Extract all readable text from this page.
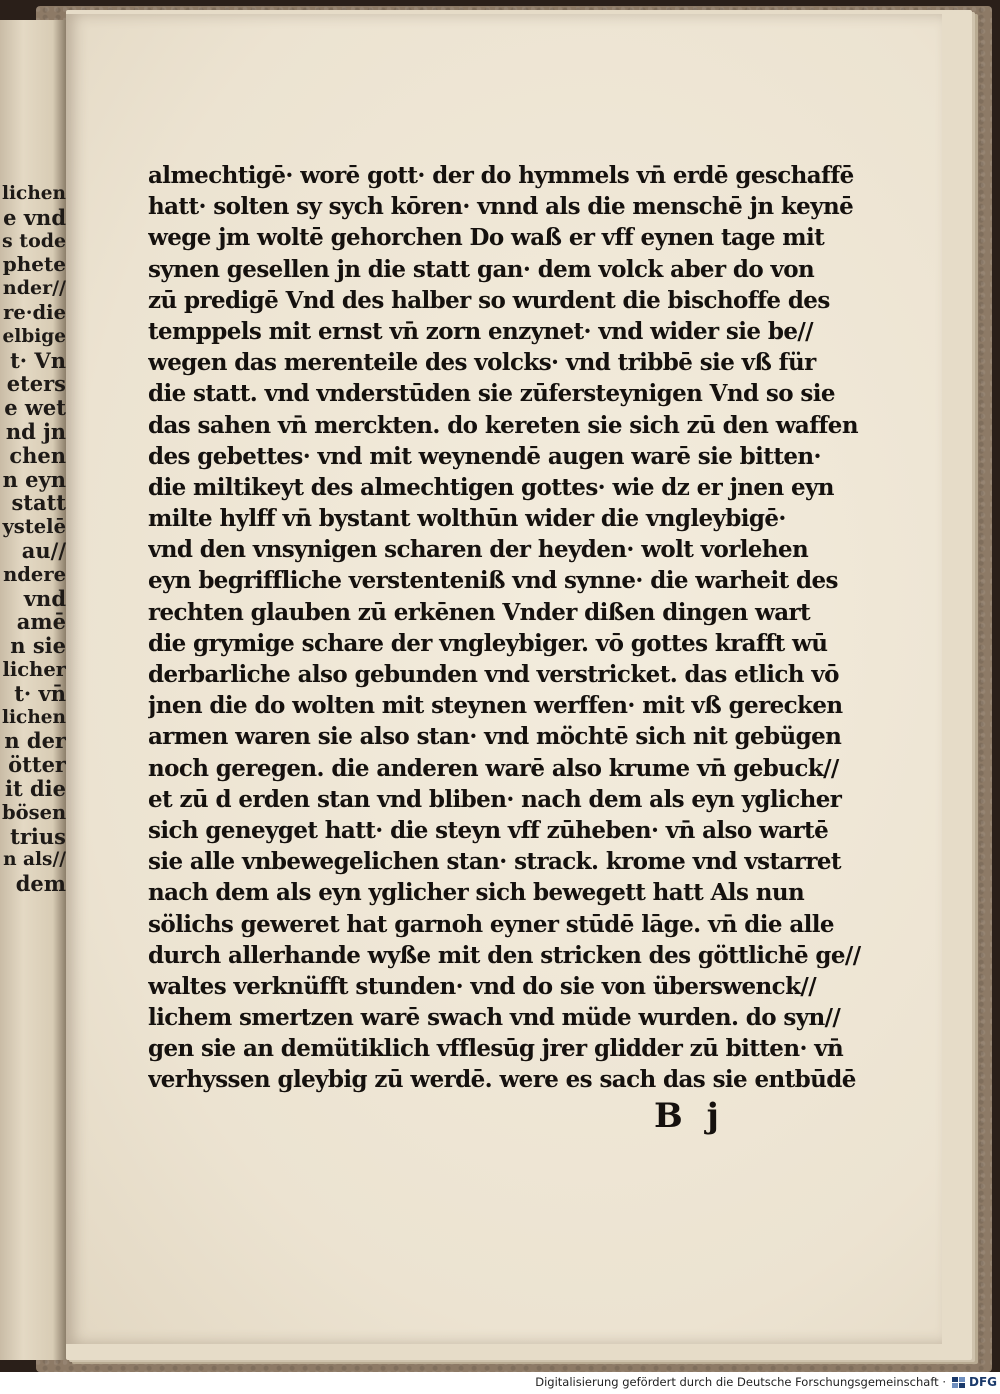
lichen
e vnd
s tode
phete
nder//
re·die
elbige
t· Vn
eters
e wet
nd jn
chen
n eyn
statt
ystelē
au//
ndere
vnd
amē
n sie
licher
t· vn̄
lichen
n der
ötter
it die
bösen
trius
n als//
dem
almechtigē· worē gott· der do hymmels vn̄ erdē geschaffē
hatt· solten sy sych kōren· vnnd als die menschē jn keynē
wege jm woltē gehorchen Do waß er vff eynen tage mit
synen gesellen jn die statt gan· dem volck aber do von
zū predigē Vnd des halber so wurdent die bischoffe des
temppels mit ernst vn̄ zorn enzynet· vnd wider sie be//
wegen das merenteile des volcks· vnd tribbē sie vß für
die statt. vnd vnderstūden sie zūfersteynigen Vnd so sie
das sahen vn̄ merckten. do kereten sie sich zū den waffen
des gebettes· vnd mit weynendē augen warē sie bitten·
die miltikeyt des almechtigen gottes· wie dz er jnen eyn
milte hylff vn̄ bystant wolthūn wider die vngleybigē·
vnd den vnsynigen scharen der heyden· wolt vorlehen
eyn begriffliche verstenteniß vnd synne· die warheit des
rechten glauben zū erkēnen Vnder dißen dingen wart
die grymige schare der vngleybiger. vō gottes krafft wū
derbarliche also gebunden vnd verstricket. das etlich vō
jnen die do wolten mit steynen werffen· mit vß gerecken
armen waren sie also stan· vnd möchtē sich nit gebügen
noch geregen. die anderen warē also krume vn̄ gebuck//
et zū d erden stan vnd bliben· nach dem als eyn yglicher
sich geneyget hatt· die steyn vff zūheben· vn̄ also wartē
sie alle vnbewegelichen stan· strack. krome vnd vstarret
nach dem als eyn yglicher sich bewegett hatt Als nun
sölichs geweret hat garnoh eyner stūdē lāge. vn̄ die alle
durch allerhande wyße mit den stricken des göttlichē ge//
waltes verknüfft stunden· vnd do sie von überswenck//
lichem smertzen warē swach vnd müde wurden. do syn//
gen sie an demütiklich vfflesūg jrer glidder zū bitten· vn̄
verhyssen gleybig zū werdē. were es sach das sie entbūdē
B j
Digitalisierung gefördert durch die Deutsche Forschungsgemeinschaft · DFG
